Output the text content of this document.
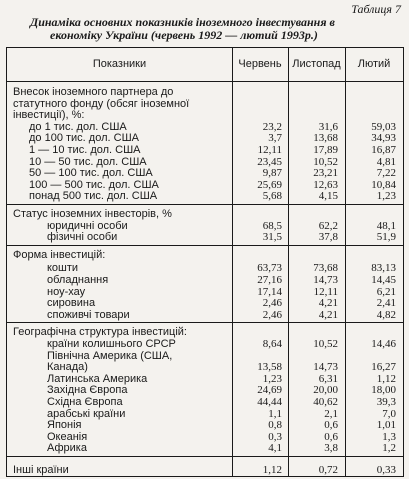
Таблиця 7
Динаміка основних показників іноземного інвестування в
економіку України (червень 1992 — лютий 1993р.)
Показники	Червень Листопад	Лютий
Внесок іноземного партнера до
статутного фонду (обсяг іноземної
інвестиції), %:
до 1 тис. дол. США	23,2	31,6	59,03
до 100 тис. дол. США	3,7	13,68	34,93
1 — 10 тис. дол. США	12,11	17,89	16,87
10 — 50 тис. дол. США	23,45	10,52	4,81
50 — 100 тис. дол. США	9,87	23,21	7,22
100 — 500 тис. дол. США	25,69	12,63	10,84
понад 500 тис. дол. США	5,68	4,15	1,23
Статус іноземних інвесторів, %
юридичні особи	68,5	62,2	48,1
фізичні особи	31,5	37,8	51,9
Форма інвестицій:
кошти	63,73	73,68	83,13
обладнання	27,16	14,73	14,45
ноу-хау	17,14	12,11	6,21
сировина	2,46	4,21	2,41
споживчі товари	2,46	4,21	4,82
Географічна структура інвестицій:
країни колишнього СРСР	8,64	10,52	14,46
Північна Америка (США,
Канада)	13,58	14,73	16,27
Латинська Америка	1,23	6,31	1,12
Західна Європа	24,69	20,00	18,00
Східна Європа	44,44	40,62	39,3
арабські країни	1,1	2,1	7,0
Японія	0,8	0,6	1,01
Океанія	0,3	0,6	1,3
Африка	4,1	3,8	1,2
Інші країни	1,12	0,72	0,33
